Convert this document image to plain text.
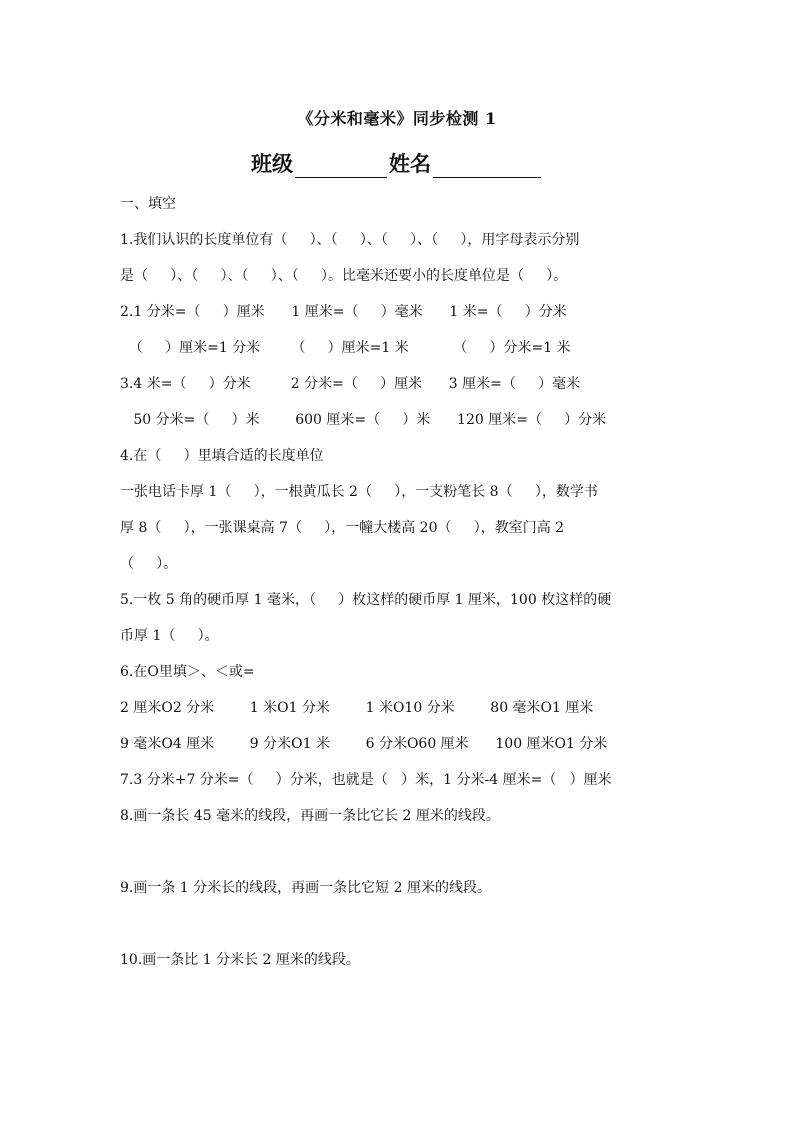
《分米和毫米》同步检测 1
班级	姓名
一、填空
1.我们认识的长度单位有（     ）、（     ）、（     ）、（     ），用字母表示分别
是（     ）、（     ）、（     ）、（     ）。比毫米还要小的长度单位是（     ）。
2.1 分米=（     ）厘米      1 厘米=（     ）毫米      1 米=（     ）分米
（     ）厘米=1 分米       （     ）厘米=1 米          （     ）分米=1 米
3.4 米=（     ）分米         2 分米=（     ）厘米      3 厘米=（     ）毫米
50 分米=（     ）米        600 厘米=（     ）米      120 厘米=（     ）分米
4.在（     ）里填合适的长度单位
一张电话卡厚 1（     ），一根黄瓜长 2（     ），一支粉笔长 8（     ），数学书
厚 8（     ），一张课桌高 7（     ），一幢大楼高 20（     ），教室门高 2
（     ）。
5.一枚 5 角的硬币厚 1 毫米，（     ）枚这样的硬币厚 1 厘米，100 枚这样的硬
币厚 1（     ）。
6.在O里填＞、＜或=
2 厘米O2 分米        1 米O1 分米        1 米O10 分米        80 毫米O1 厘米
9 毫米O4 厘米        9 分米O1 米        6 分米O60 厘米      100 厘米O1 分米
7.3 分米+7 分米=（     ）分米，也就是（   ）米，1 分米-4 厘米=（   ）厘米
8.画一条长 45 毫米的线段，再画一条比它长 2 厘米的线段。
9.画一条 1 分米长的线段，再画一条比它短 2 厘米的线段。
10.画一条比 1 分米长 2 厘米的线段。
